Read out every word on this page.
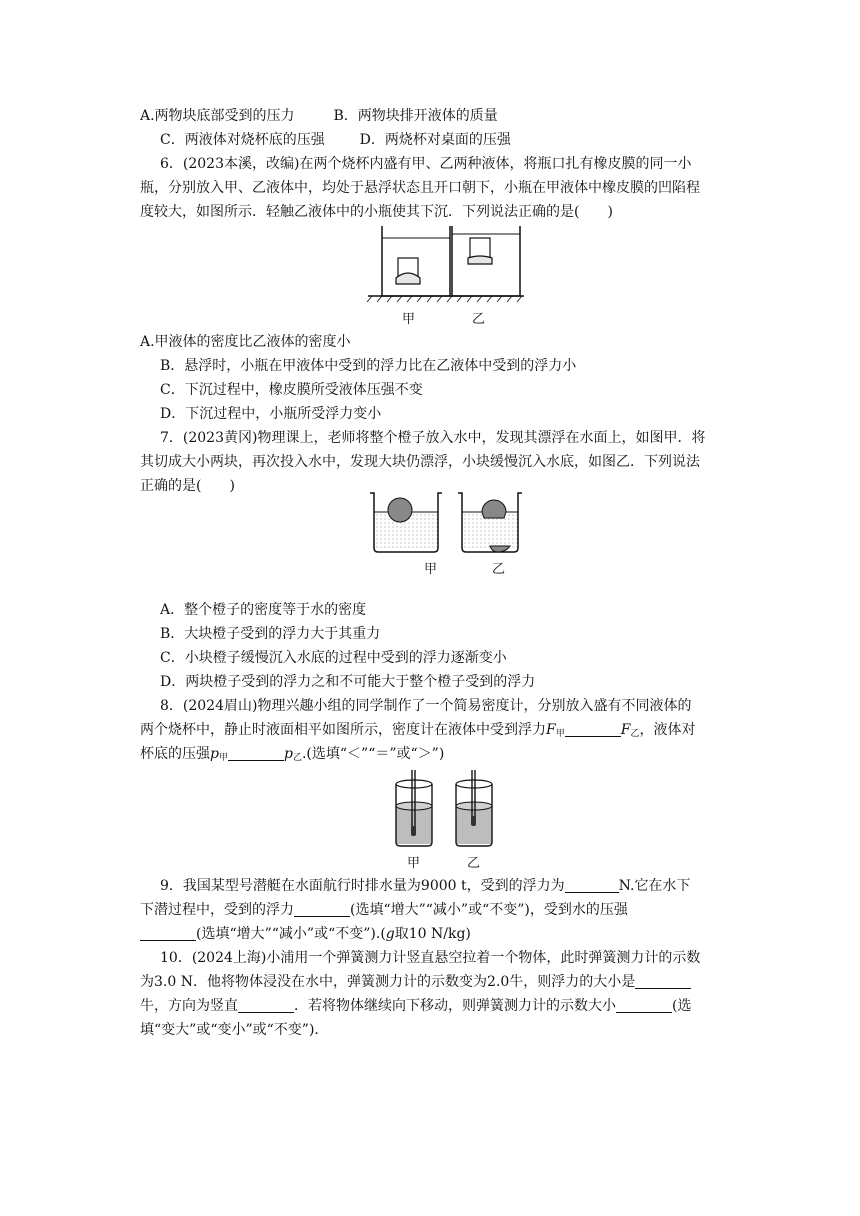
A.两物块底部受到的压力	B．两物块排开液体的质量
C．两液体对烧杯底的压强 D．两烧杯对桌面的压强
6．(2023本溪，改编)在两个烧杯内盛有甲、乙两种液体，将瓶口扎有橡皮膜的同一小
瓶，分别放入甲、乙液体中，均处于悬浮状态且开口朝下，小瓶在甲液体中橡皮膜的凹陷程
度较大，如图所示．轻触乙液体中的小瓶使其下沉．下列说法正确的是(　　)
甲	乙
A.甲液体的密度比乙液体的密度小
B．悬浮时，小瓶在甲液体中受到的浮力比在乙液体中受到的浮力小
C．下沉过程中，橡皮膜所受液体压强不变
D．下沉过程中，小瓶所受浮力变小
7．(2023黄冈)物理课上，老师将整个橙子放入水中，发现其漂浮在水面上，如图甲．将
其切成大小两块，再次投入水中，发现大块仍漂浮，小块缓慢沉入水底，如图乙．下列说法
正确的是(　　)
甲	乙
A．整个橙子的密度等于水的密度
B．大块橙子受到的浮力大于其重力
C．小块橙子缓慢沉入水底的过程中受到的浮力逐渐变小
D．两块橙子受到的浮力之和不可能大于整个橙子受到的浮力
8．(2024眉山)物理兴趣小组的同学制作了一个简易密度计，分别放入盛有不同液体的
两个烧杯中，静止时液面相平如图所示，密度计在液体中受到浮力$F_甲$	$F_乙$，液体对
杯底的压强$p_甲$	$p_乙$.(选填“＜”“＝”或“＞”)
甲	乙
9．我国某型号潜艇在水面航行时排水量为9000 t，受到的浮力为	N.它在水下
下潜过程中，受到的浮力	(选填“增大”“减小”或“不变”)，受到水的压强
(选填“增大”“减小”或“不变”).(g取10 N/kg)
10．(2024上海)小浦用一个弹簧测力计竖直悬空拉着一个物体，此时弹簧测力计的示数
为3.0 N．他将物体浸没在水中，弹簧测力计的示数变为2.0牛，则浮力的大小是
牛，方向为竖直	．若将物体继续向下移动，则弹簧测力计的示数大小	(选
填“变大”或“变小”或“不变”).
